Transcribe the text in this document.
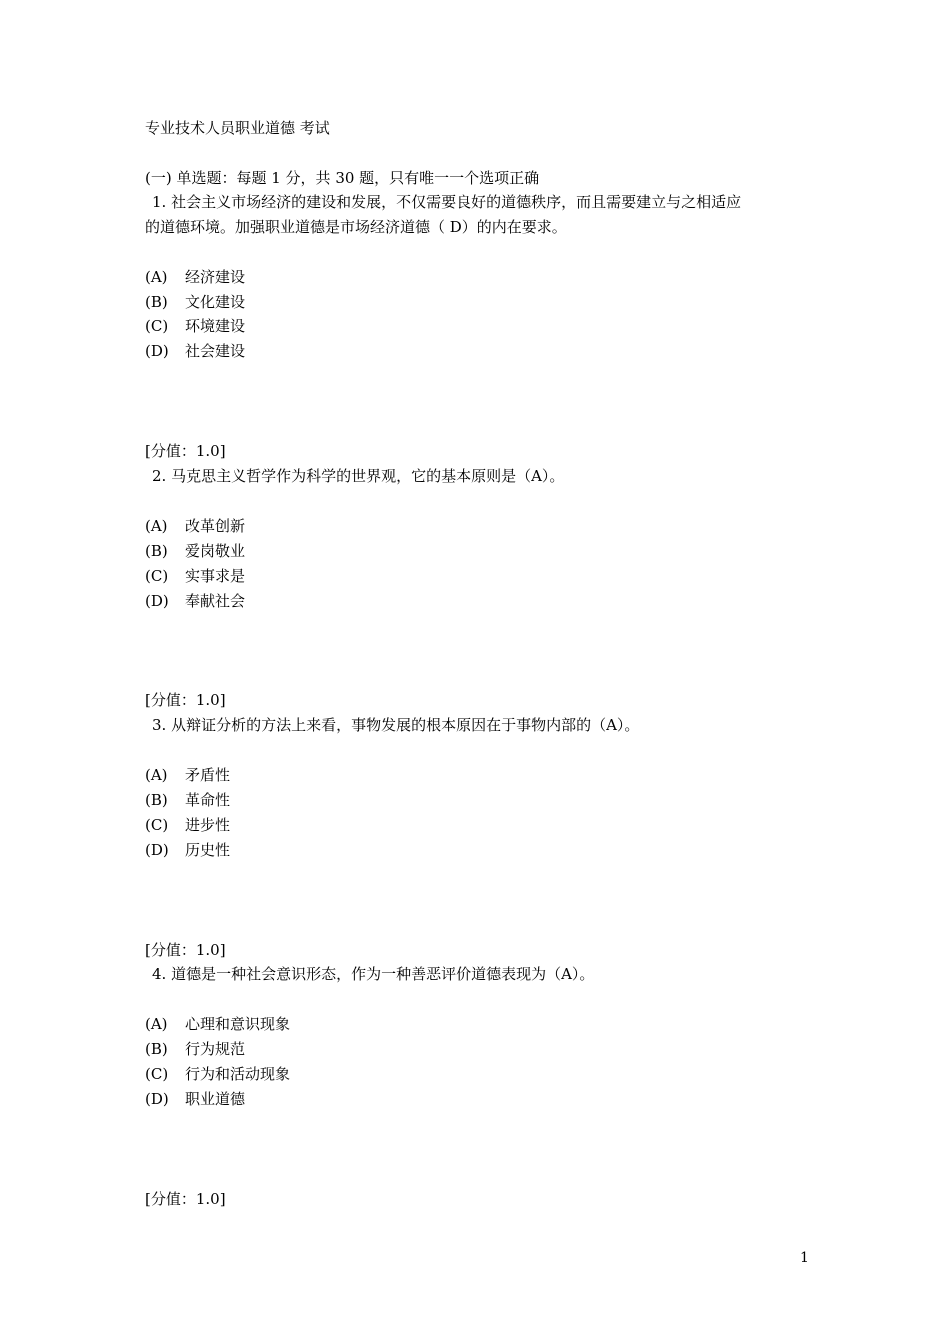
专业技术人员职业道德 考试
(一) 单选题：每题 1 分，共 30 题，只有唯一一个选项正确
1. 社会主义市场经济的建设和发展，不仅需要良好的道德秩序，而且需要建立与之相适应
的道德环境。加强职业道德是市场经济道德（ D）的内在要求。
(A) 经济建设
(B) 文化建设
(C) 环境建设
(D) 社会建设
[分值：1.0]
2. 马克思主义哲学作为科学的世界观，它的基本原则是（A）。
(A) 改革创新
(B) 爱岗敬业
(C) 实事求是
(D) 奉献社会
[分值：1.0]
3. 从辩证分析的方法上来看，事物发展的根本原因在于事物内部的（A）。
(A) 矛盾性
(B) 革命性
(C) 进步性
(D) 历史性
[分值：1.0]
4. 道德是一种社会意识形态，作为一种善恶评价道德表现为（A）。
(A) 心理和意识现象
(B) 行为规范
(C) 行为和活动现象
(D) 职业道德
[分值：1.0]
1
